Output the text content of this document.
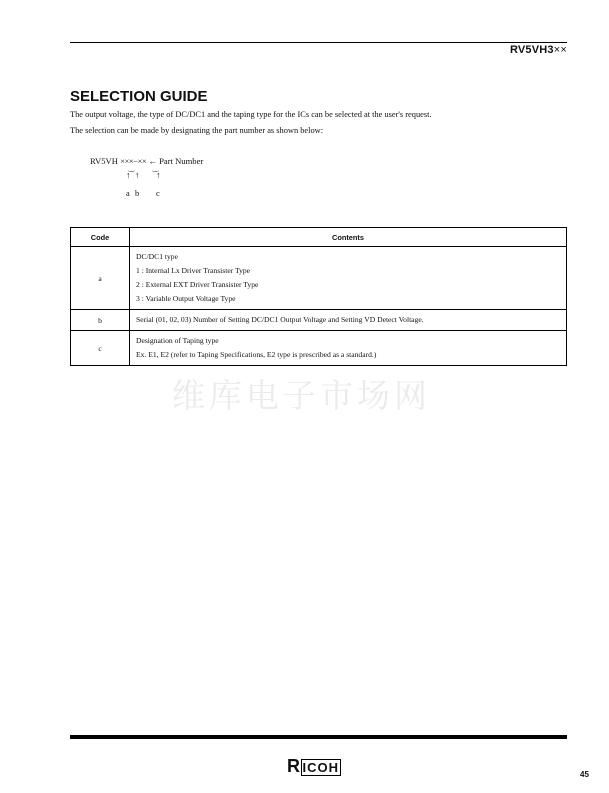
RV5VH3××
SELECTION GUIDE
The output voltage, the type of DC/DC1 and the taping type for the ICs can be selected at the user's request.
The selection can be made by designating the part number as shown below:
RV5VH ×××−×× ← Part Number
⏝ ⏝
↑ ↑ ↑
a b c
Code	Contents
a	DC/DC1 type
1 : Internal Lx Driver Transister Type
2 : External EXT Driver Transister Type
3 : Variable Output Voltage Type

b	Serial (01, 02, 03) Number of Setting DC/DC1 Output Voltage and Setting VD Detect Voltage.

c	Designation of Taping type
Ex. E1, E2 (refer to Taping Specifications, E2 type is prescribed as a standard.)
维库电子市场网
R ICOH	45
